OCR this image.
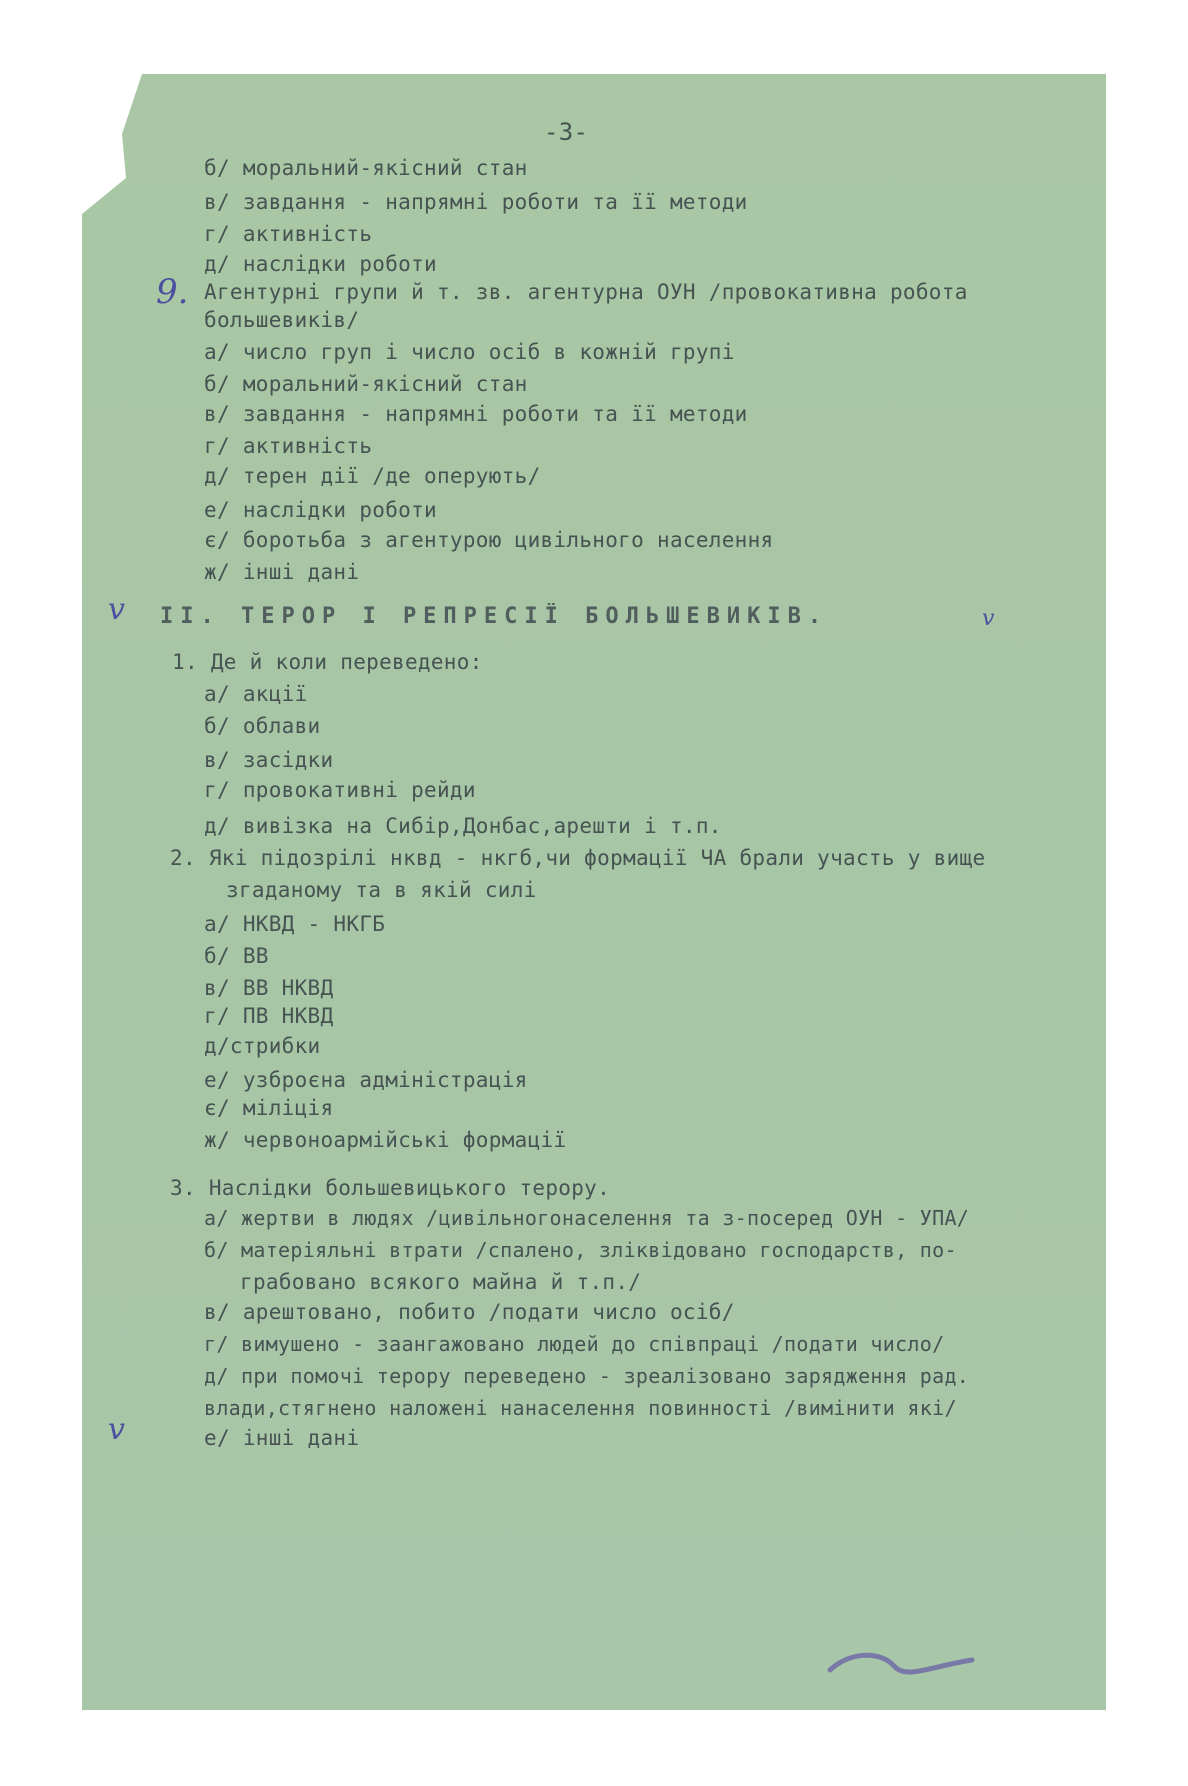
-3-
б/ моральний-якісний стан
в/ завдання - напрямні роботи та її методи
г/ активність
д/ наслідки роботи
9. Агентурні групи й т. зв. агентурна ОУН /провокативна робота
большевиків/
а/ число груп і число осіб в кожній групі
б/ моральний-якісний стан
в/ завдання - напрямні роботи та її методи
г/ активність
д/ терен дії /де оперують/
е/ наслідки роботи
є/ боротьба з агентурою цивільного населення
ж/ інші дані
v II. ТЕРОР І РЕПРЕСІЇ БОЛЬШЕВИКІВ.	v
1. Де й коли переведено:
а/ акції
б/ облави
в/ засідки
г/ провокативні рейди
д/ вивізка на Сибір,Донбас,арешти і т.п.
2. Які підозрілі нквд - нкгб,чи формації ЧА брали участь у вище
згаданому та в якій силі
а/ НКВД - НКГБ
б/ ВВ
в/ ВВ НКВД
г/ ПВ НКВД
д/стрибки
е/ узброєна адміністрація
є/ міліція
ж/ червоноармійські формації
3. Наслідки большевицького терору.
а/ жертви в людях /цивільногонаселення та з-посеред ОУН - УПА/
б/ матеріяльні втрати /спалено, зліквідовано господарств, по-
грабовано всякого майна й т.п./
в/ арештовано, побито /подати число осіб/
г/ вимушено - заангажовано людей до співпраці /подати число/
д/ при помочі терору переведено - зреалізовано зарядження рад.
влади,стягнено наложені нанаселення повинності /вимінити які/
v	е/ інші дані
